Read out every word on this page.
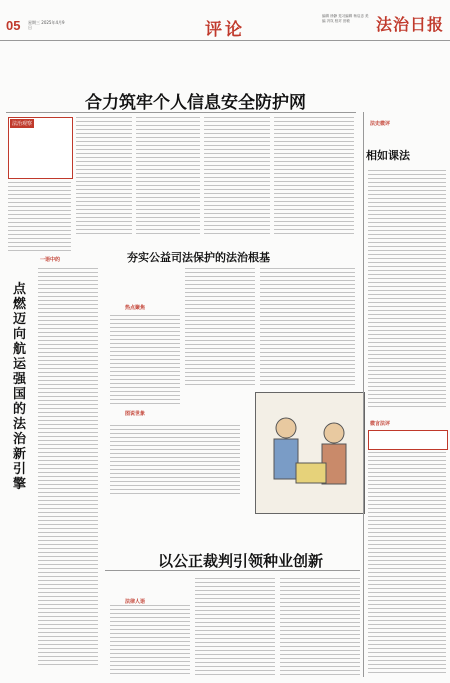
05 星期三 2025年4月9日	评论
编辑 徐静 见习编辑 杨启忠 美编 冯岚 校对 田敏	法治日报
合力筑牢个人信息安全防护网
法治观察
一语中的
点燃迈向航运强国的法治新引擎
夯实公益司法保护的法治根基
热点聚焦
图说世象
以公正裁判引领种业创新
法律人语
法史微评
相如课法
微言法评
